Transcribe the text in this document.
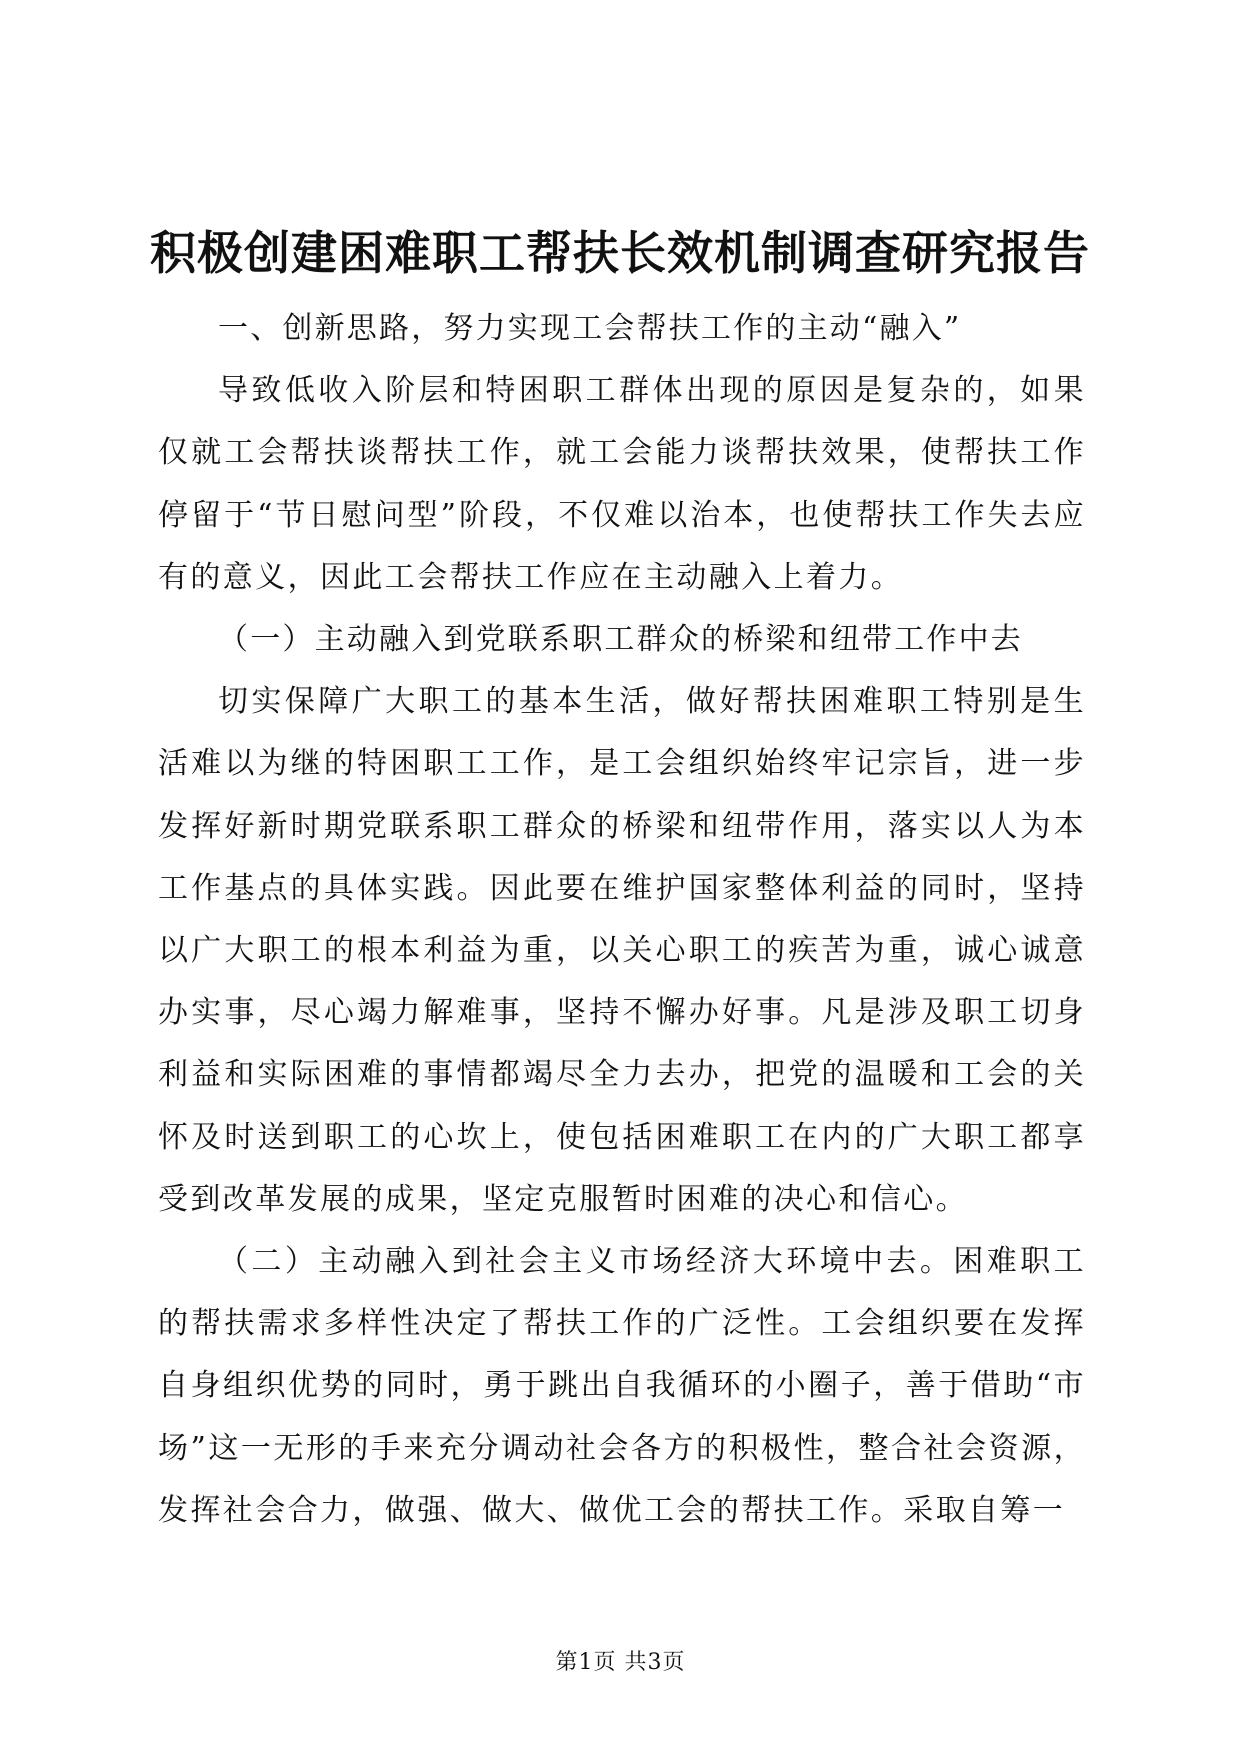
积极创建困难职工帮扶长效机制调查研究报告

一、创新思路，努力实现工会帮扶工作的主动“融入”

导致低收入阶层和特困职工群体出现的原因是复杂的，如果仅就工会帮扶谈帮扶工作，就工会能力谈帮扶效果，使帮扶工作停留于“节日慰问型”阶段，不仅难以治本，也使帮扶工作失去应有的意义，因此工会帮扶工作应在主动融入上着力。

（一）主动融入到党联系职工群众的桥梁和纽带工作中去

切实保障广大职工的基本生活，做好帮扶困难职工特别是生活难以为继的特困职工工作，是工会组织始终牢记宗旨，进一步发挥好新时期党联系职工群众的桥梁和纽带作用，落实以人为本工作基点的具体实践。因此要在维护国家整体利益的同时，坚持以广大职工的根本利益为重，以关心职工的疾苦为重，诚心诚意办实事，尽心竭力解难事，坚持不懈办好事。凡是涉及职工切身利益和实际困难的事情都竭尽全力去办，把党的温暖和工会的关怀及时送到职工的心坎上，使包括困难职工在内的广大职工都享受到改革发展的成果，坚定克服暂时困难的决心和信心。

（二）主动融入到社会主义市场经济大环境中去。困难职工的帮扶需求多样性决定了帮扶工作的广泛性。工会组织要在发挥自身组织优势的同时，勇于跳出自我循环的小圈子，善于借助“市场”这一无形的手来充分调动社会各方的积极性，整合社会资源，发挥社会合力，做强、做大、做优工会的帮扶工作。采取自筹一

第1页 共3页
